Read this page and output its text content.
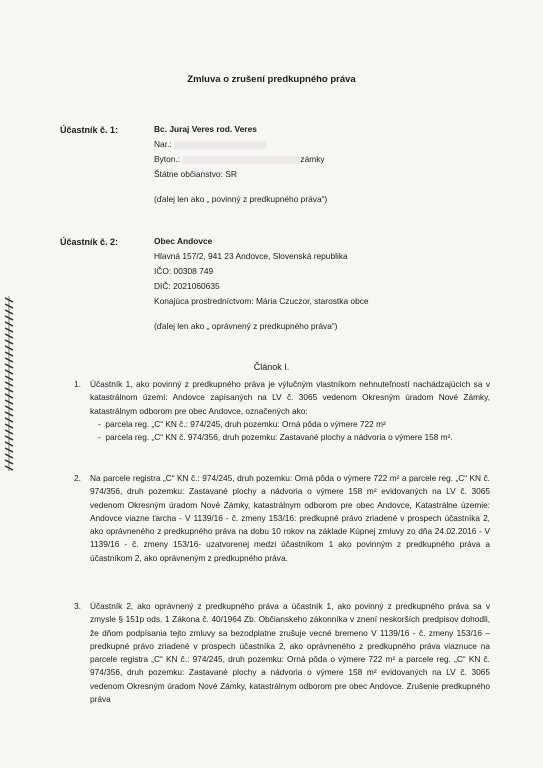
Zmluva o zrušení predkupného práva
Účastník č. 1:	Bc. Juraj Veres rod. Veres
Nar.:
Byton.:	zámky
Štátne občianstvo: SR
(ďalej len ako „ povinný z predkupného práva“)
Účastník č. 2:	Obec Andovce
Hlavná 157/2, 941 23 Andovce, Slovenská republika
IČO: 00308 749
DIČ: 2021060635
Konajúca prostredníctvom: Mária Czuczor, starostka obce
(ďalej len ako „ oprávnený z predkupného práva“)
Článok I.
1. Účastník 1, ako povinný z predkupného práva je výlučným vlastníkom nehnuteľností nachádzajúcich sa v katastrálnom území: Andovce zapísaných na LV č. 3065 vedenom Okresným úradom Nové Zámky, katastrálnym odborom pre obec Andovce, označených ako:
-  parcela reg. „C“ KN č.: 974/245, druh pozemku: Orná pôda o výmere 722 m²
-  parcela reg. „C“ KN č. 974/356, druh pozemku: Zastavané plochy a nádvoria o výmere 158 m².
2. Na parcele registra „C“ KN č.: 974/245, druh pozemku: Orná pôda o výmere 722 m² a parcele reg. „C“ KN č. 974/356, druh pozemku: Zastavané plochy a nádvoria o výmere 158 m² evidovaných na LV č. 3065 vedenom Okresným úradom Nové Zámky, katastrálnym odborom pre obec Andovce, Katastrálne územie: Andovce viazne ťarcha - V 1139/16 - č. zmeny 153/16: predkupné právo zriadené v prospech účastníka 2, ako oprávneného z predkupného práva na dobu 10 rokov na základe Kúpnej zmluvy zo dňa 24.02.2016 - V 1139/16 - č. zmeny 153/16- uzatvorenej medzi účastníkom 1 ako povinným z predkupného práva a účastníkom 2, ako oprávneným z predkupného práva.
3. Účastník 2, ako oprávnený z predkupného práva a účastník 1, ako povinný z predkupného práva sa v zmysle § 151p ods. 1 Zákona č. 40/1964 Zb. Občianskeho zákonníka v znení neskorších predpisov dohodli, že dňom podpísania tejto zmluvy sa bezodplatne zrušuje vecné bremeno V 1139/16 - č. zmeny 153/16 – predkupné právo zriadené v prospech účastníka 2, ako oprávneného z predkupného práva viaznuce na parcele registra „C“ KN č.: 974/245, druh pozemku: Orná pôda o výmere 722 m² a parcele reg. „C“ KN č. 974/356, druh pozemku: Zastavané plochy a nádvoria o výmere 158 m² evidovaných na LV č. 3065 vedenom Okresným úradom Nové Zámky, katastrálnym odborom pre obec Andovce. Zrušenie predkupného práva
